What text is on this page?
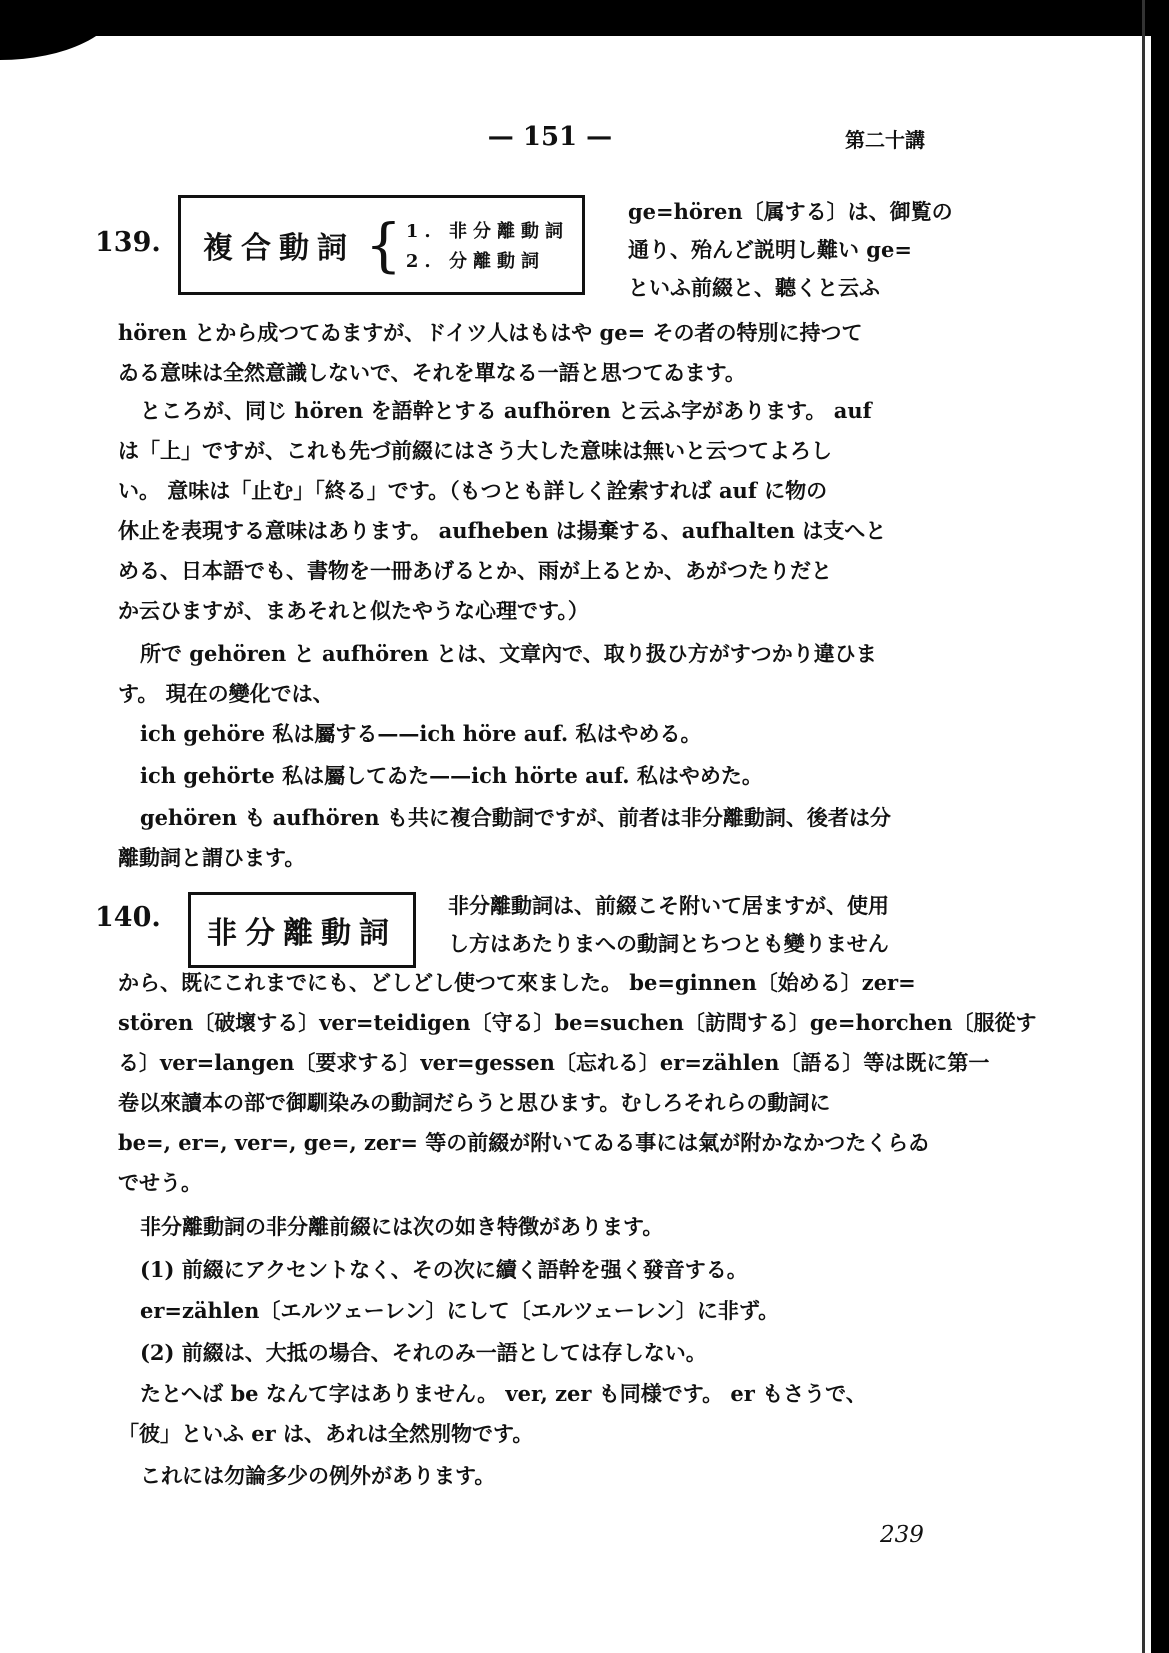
— 151 —	第二十講
139. 複合動詞 { 1. 非分離動詞
2. 分離動詞
ge=hören〔属する〕は、御覧の
通り、殆んど説明し難い ge=
といふ前綴と、聽くと云ふ
hören とから成つてゐますが、ドイツ人はもはや ge= その者の特別に持つて
ゐる意味は全然意識しないで、それを單なる一語と思つてゐます。
ところが、同じ hören を語幹とする aufhören と云ふ字があります。 auf
は「上」ですが、これも先づ前綴にはさう大した意味は無いと云つてよろし
い。 意味は「止む」「終る」です。（もつとも詳しく詮索すれば auf に物の
休止を表現する意味はあります。 aufheben は揚棄する、aufhalten は支へと
める、日本語でも、書物を一冊あげるとか、雨が上るとか、あがつたりだと
か云ひますが、まあそれと似たやうな心理です。）
所で gehören と aufhören とは、文章內で、取り扱ひ方がすつかり違ひま
す。 現在の變化では、
ich gehöre 私は屬する——ich höre auf. 私はやめる。
ich gehörte 私は屬してゐた——ich hörte auf. 私はやめた。
gehören も aufhören も共に複合動詞ですが、前者は非分離動詞、後者は分
離動詞と謂ひます。
140. 非分離動詞
非分離動詞は、前綴こそ附いて居ますが、使用
し方はあたりまへの動詞とちつとも變りません
から、既にこれまでにも、どしどし使つて來ました。 be=ginnen〔始める〕zer=
stören〔破壞する〕ver=teidigen〔守る〕be=suchen〔訪問する〕ge=horchen〔服從す
る〕ver=langen〔要求する〕ver=gessen〔忘れる〕er=zählen〔語る〕等は既に第一
卷以來讀本の部で御馴染みの動詞だらうと思ひます。むしろそれらの動詞に
be=, er=, ver=, ge=, zer= 等の前綴が附いてゐる事には氣が附かなかつたくらゐ
でせう。
非分離動詞の非分離前綴には次の如き特徴があります。
(1) 前綴にアクセントなく、その次に續く語幹を强く發音する。
er=zählen〔エルツェーレン〕にして〔エルツェーレン〕に非ず。
(2) 前綴は、大抵の場合、それのみ一語としては存しない。
たとへば be なんて字はありません。 ver, zer も同様です。 er もさうで、
「彼」といふ er は、あれは全然別物です。
これには勿論多少の例外があります。
239
